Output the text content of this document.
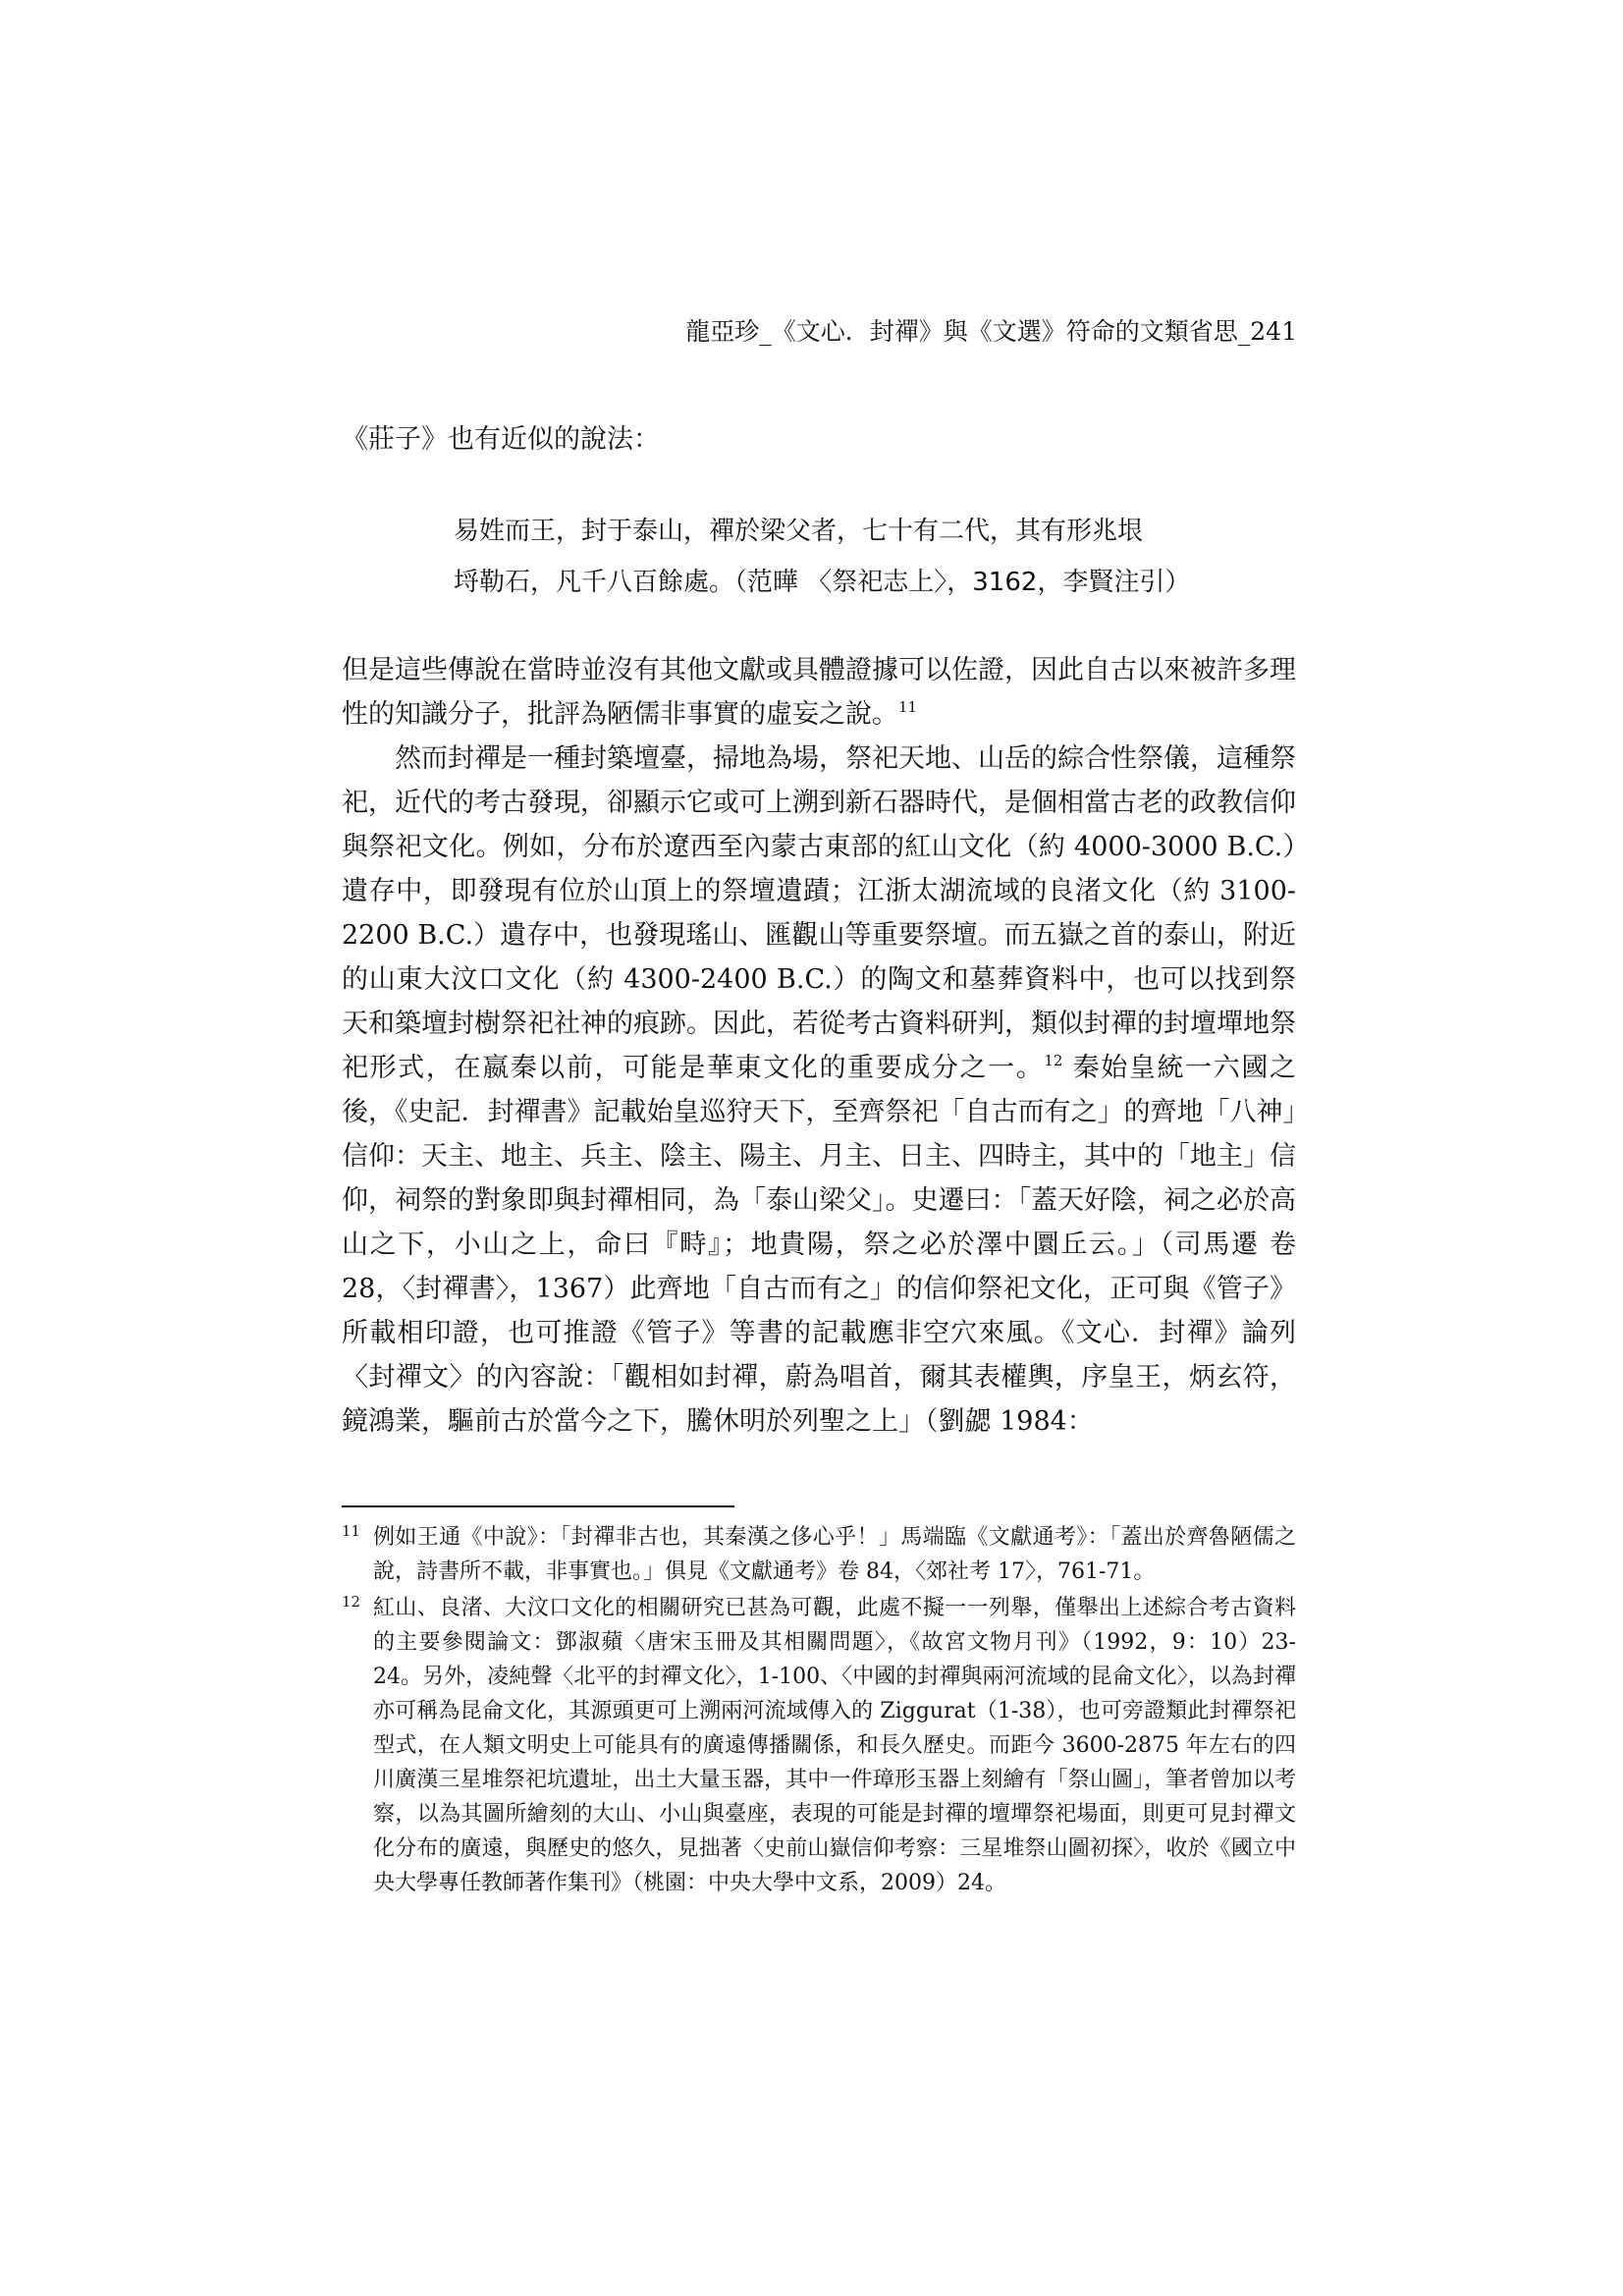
龍亞珍_《文心．封禪》與《文選》符命的文類省思_241

《莊子》也有近似的說法：

易姓而王，封于泰山，禪於梁父者，七十有二代，其有形兆垠
埒勒石，凡千八百餘處。（范曄 〈祭祀志上〉，3162，李賢注引）

但是這些傳說在當時並沒有其他文獻或具體證據可以佐證，因此自古以來被許多理性的知識分子，批評為陋儒非事實的虛妄之說。$^{11}$

然而封禪是一種封築壇臺，掃地為場，祭祀天地、山岳的綜合性祭儀，這種祭祀，近代的考古發現，卻顯示它或可上溯到新石器時代，是個相當古老的政教信仰與祭祀文化。例如，分布於遼西至內蒙古東部的紅山文化（約 4000-3000 B.C.）遺存中，即發現有位於山頂上的祭壇遺蹟；江浙太湖流域的良渚文化（約 3100- 2200 B.C.）遺存中，也發現瑤山、匯觀山等重要祭壇。而五嶽之首的泰山，附近的山東大汶口文化（約 4300-2400 B.C.）的陶文和墓葬資料中，也可以找到祭天和築壇封樹祭祀社神的痕跡。因此，若從考古資料研判，類似封禪的封壇墠地祭祀形式，在嬴秦以前，可能是華東文化的重要成分之一。$^{12}$ 秦始皇統一六國之後，《史記．封禪書》記載始皇巡狩天下，至齊祭祀「自古而有之」的齊地「八神」信仰：天主、地主、兵主、陰主、陽主、月主、日主、四時主，其中的「地主」信仰，祠祭的對象即與封禪相同，為「泰山梁父」。史遷曰：「蓋天好陰，祠之必於高山之下，小山之上，命曰『畤』；地貴陽，祭之必於澤中圜丘云。」（司馬遷 卷 28，〈封禪書〉，1367）此齊地「自古而有之」的信仰祭祀文化，正可與《管子》所載相印證，也可推證《管子》等書的記載應非空穴來風。《文心．封禪》論列〈封禪文〉的內容說：「觀相如封禪，蔚為唱首，爾其表權輿，序皇王，炳玄符，鏡鴻業，驅前古於當今之下，騰休明於列聖之上」（劉勰 1984：

11 例如王通《中說》：「封禪非古也，其秦漢之侈心乎！」馬端臨《文獻通考》：「蓋出於齊魯陋儒之說，詩書所不載，非事實也。」俱見《文獻通考》卷 84，〈郊社考 17〉，761-71。
12 紅山、良渚、大汶口文化的相關研究已甚為可觀，此處不擬一一列舉，僅舉出上述綜合考古資料的主要參閱論文：鄧淑蘋〈唐宋玉冊及其相關問題〉，《故宮文物月刊》（1992，9：10）23-24。另外，凌純聲〈北平的封禪文化〉，1-100、〈中國的封禪與兩河流域的昆侖文化〉，以為封禪亦可稱為昆侖文化，其源頭更可上溯兩河流域傳入的 Ziggurat（1-38），也可旁證類此封禪祭祀型式，在人類文明史上可能具有的廣遠傳播關係，和長久歷史。而距今 3600-2875 年左右的四川廣漢三星堆祭祀坑遺址，出土大量玉器，其中一件璋形玉器上刻繪有「祭山圖」，筆者曾加以考察，以為其圖所繪刻的大山、小山與臺座，表現的可能是封禪的壇墠祭祀場面，則更可見封禪文化分布的廣遠，與歷史的悠久，見拙著〈史前山嶽信仰考察：三星堆祭山圖初探〉，收於《國立中央大學專任教師著作集刊》（桃園：中央大學中文系，2009）24。
